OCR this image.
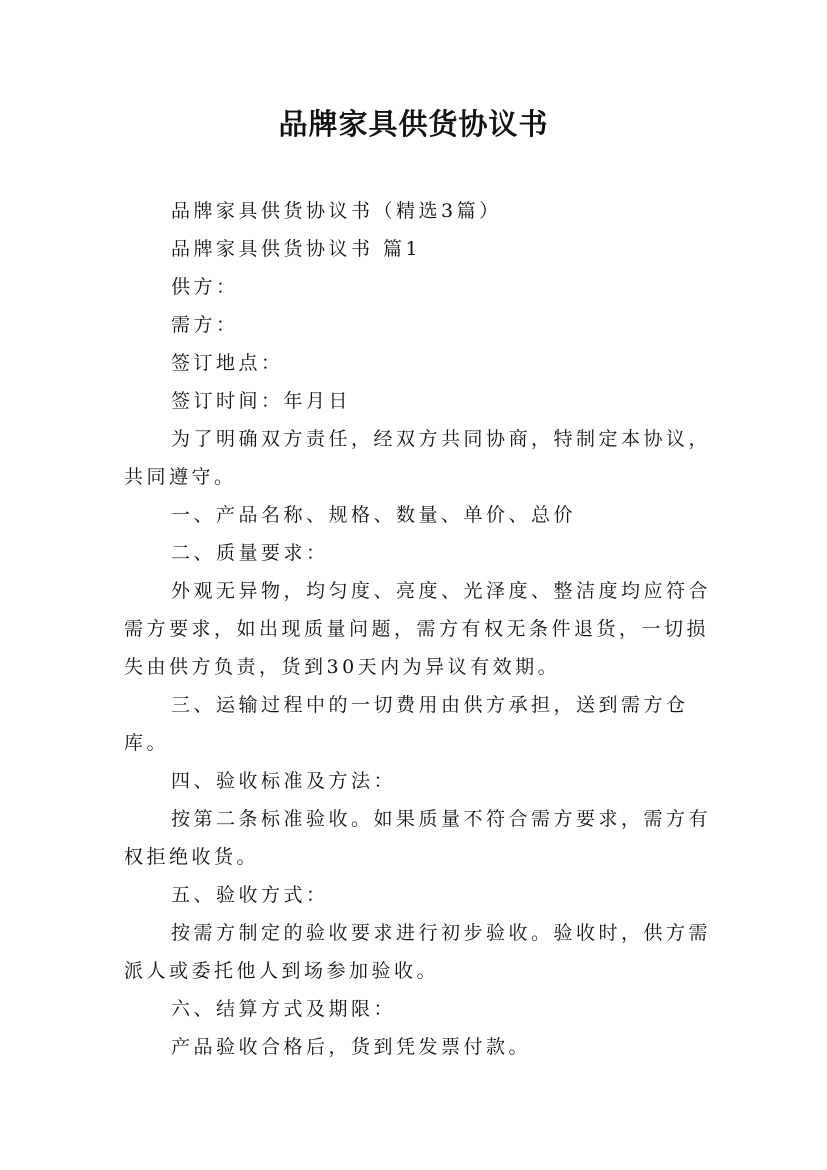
品牌家具供货协议书

品牌家具供货协议书（精选3篇）

品牌家具供货协议书 篇1

供方：

需方：

签订地点：

签订时间：年月日

为了明确双方责任，经双方共同协商，特制定本协议，共同遵守。

一、产品名称、规格、数量、单价、总价

二、质量要求：

外观无异物，均匀度、亮度、光泽度、整洁度均应符合需方要求，如出现质量问题，需方有权无条件退货，一切损失由供方负责，货到30天内为异议有效期。

三、运输过程中的一切费用由供方承担，送到需方仓库。

四、验收标准及方法：

按第二条标准验收。如果质量不符合需方要求，需方有权拒绝收货。

五、验收方式：

按需方制定的验收要求进行初步验收。验收时，供方需派人或委托他人到场参加验收。

六、结算方式及期限：

产品验收合格后，货到凭发票付款。
